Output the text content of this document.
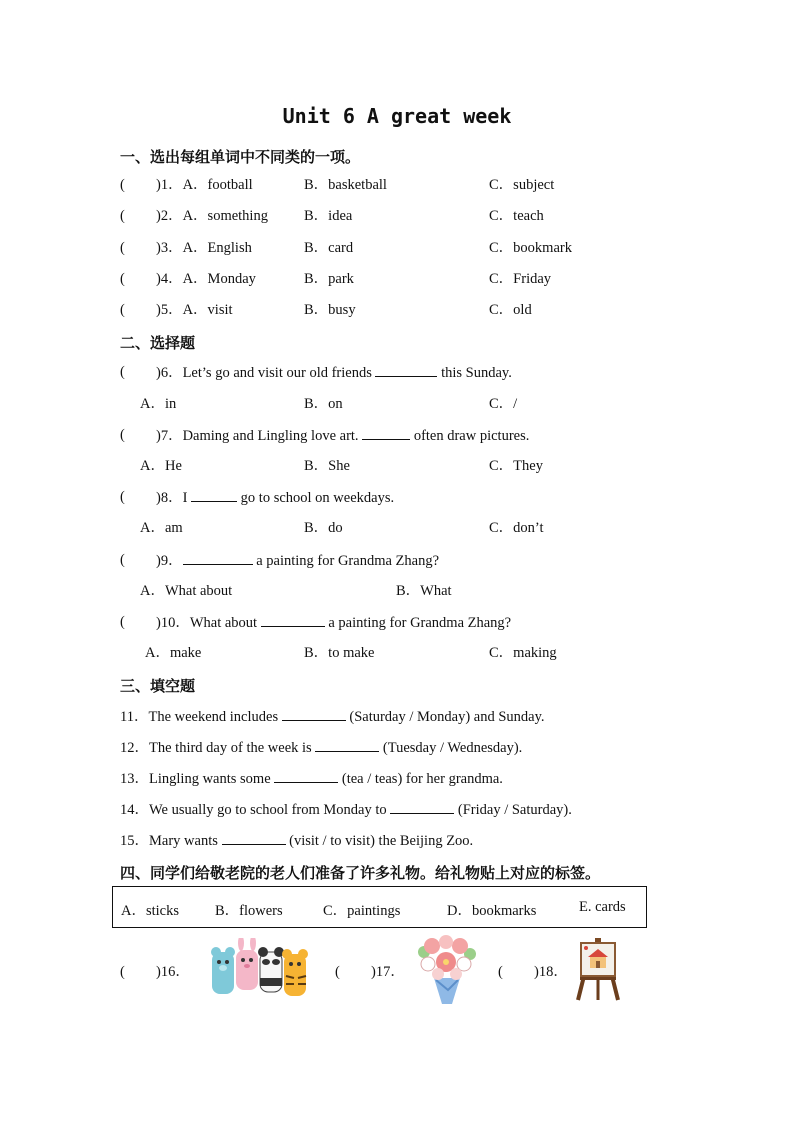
Unit 6 A great week
一、选出每组单词中不同类的一项。
( )1．A．football	B．basketball	C．subject
( )2．A．something B．idea	C．teach
( )3．A．English	B．card	C．bookmark
( )4．A．Monday	B．park	C．Friday
( )5．A．visit	B．busy	C．old
二、选择题
( )6．Let’s go and visit our old friends	this Sunday.
A．in	B．on	C．/
( )7．Daming and Lingling love art.	often draw pictures.
A．He	B．She	C．They
( )8．I	go to school on weekdays.
A．am	B．do	C．don’t
( )9．	a painting for Grandma Zhang?
A．What about	B．What
( )10．What about	a painting for Grandma Zhang?
A．make	B．to make	C．making
三、填空题
11．The weekend includes	(Saturday / Monday) and Sunday.
12．The third day of the week is	(Tuesday / Wednesday).
13．Lingling wants some	(tea / teas) for her grandma.
14．We usually go to school from Monday to	(Friday / Saturday).
15．Mary wants	(visit / to visit) the Beijing Zoo.
四、同学们给敬老院的老人们准备了许多礼物。给礼物贴上对应的标签。
A．sticks B．flowers	C．paintings	D．bookmarks	E. cards
( )16．	( )17．	( )18．
